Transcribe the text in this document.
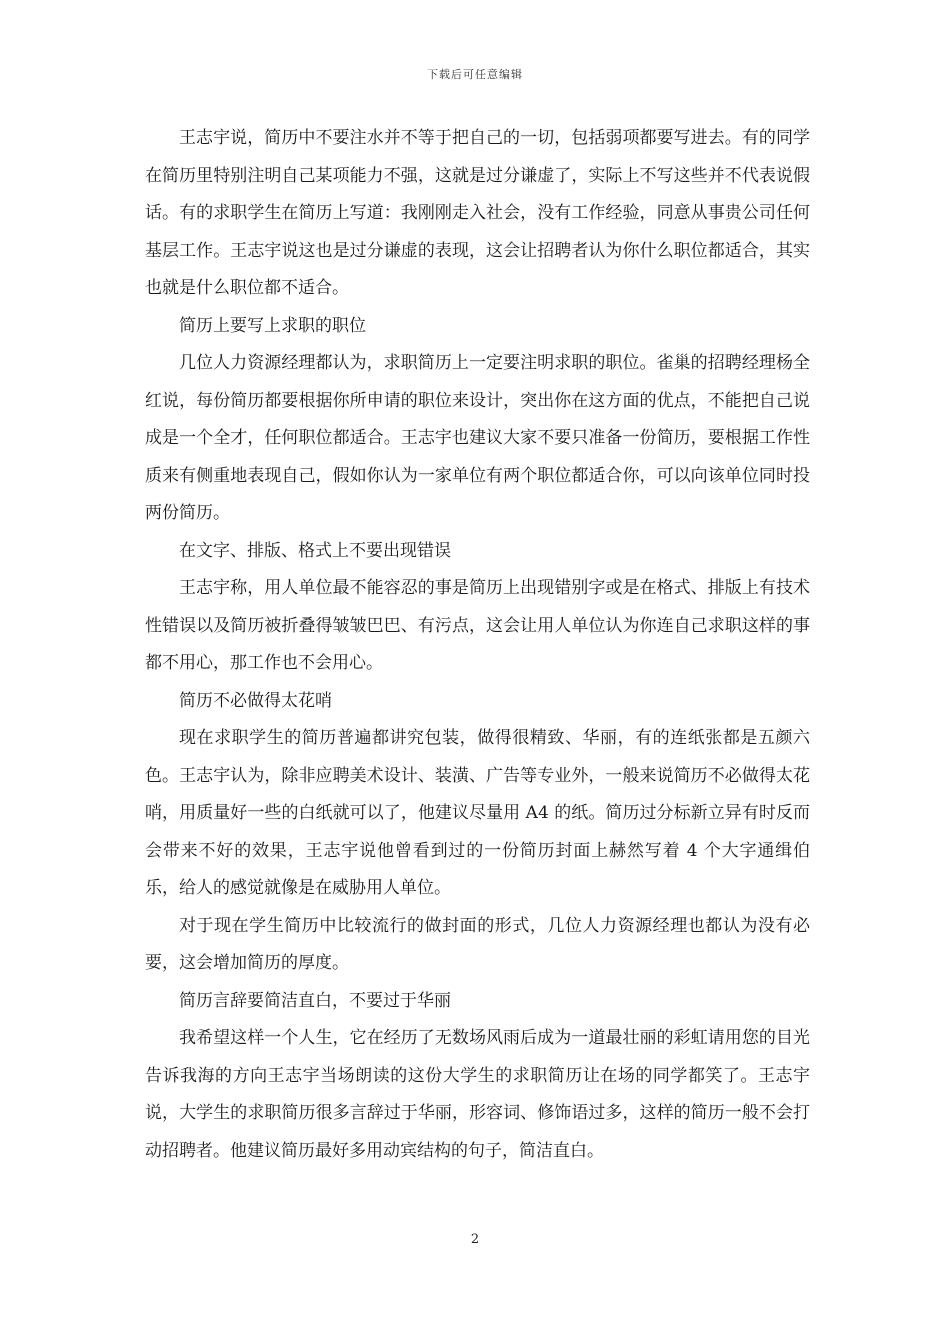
下载后可任意编辑

王志宇说，简历中不要注水并不等于把自己的一切，包括弱项都要写进去。有的同学在简历里特别注明自己某项能力不强，这就是过分谦虚了，实际上不写这些并不代表说假话。有的求职学生在简历上写道：我刚刚走入社会，没有工作经验，同意从事贵公司任何基层工作。王志宇说这也是过分谦虚的表现，这会让招聘者认为你什么职位都适合，其实也就是什么职位都不适合。

简历上要写上求职的职位

几位人力资源经理都认为，求职简历上一定要注明求职的职位。雀巢的招聘经理杨全红说，每份简历都要根据你所申请的职位来设计，突出你在这方面的优点，不能把自己说成是一个全才，任何职位都适合。王志宇也建议大家不要只准备一份简历，要根据工作性质来有侧重地表现自己，假如你认为一家单位有两个职位都适合你，可以向该单位同时投两份简历。

在文字、排版、格式上不要出现错误

王志宇称，用人单位最不能容忍的事是简历上出现错别字或是在格式、排版上有技术性错误以及简历被折叠得皱皱巴巴、有污点，这会让用人单位认为你连自己求职这样的事都不用心，那工作也不会用心。

简历不必做得太花哨

现在求职学生的简历普遍都讲究包装，做得很精致、华丽，有的连纸张都是五颜六色。王志宇认为，除非应聘美术设计、装潢、广告等专业外，一般来说简历不必做得太花哨，用质量好一些的白纸就可以了，他建议尽量用 A4 的纸。简历过分标新立异有时反而会带来不好的效果，王志宇说他曾看到过的一份简历封面上赫然写着 4 个大字通缉伯乐，给人的感觉就像是在威胁用人单位。

对于现在学生简历中比较流行的做封面的形式，几位人力资源经理也都认为没有必要，这会增加简历的厚度。

简历言辞要简洁直白，不要过于华丽

我希望这样一个人生，它在经历了无数场风雨后成为一道最壮丽的彩虹请用您的目光告诉我海的方向王志宇当场朗读的这份大学生的求职简历让在场的同学都笑了。王志宇说，大学生的求职简历很多言辞过于华丽，形容词、修饰语过多，这样的简历一般不会打动招聘者。他建议简历最好多用动宾结构的句子，简洁直白。

2
